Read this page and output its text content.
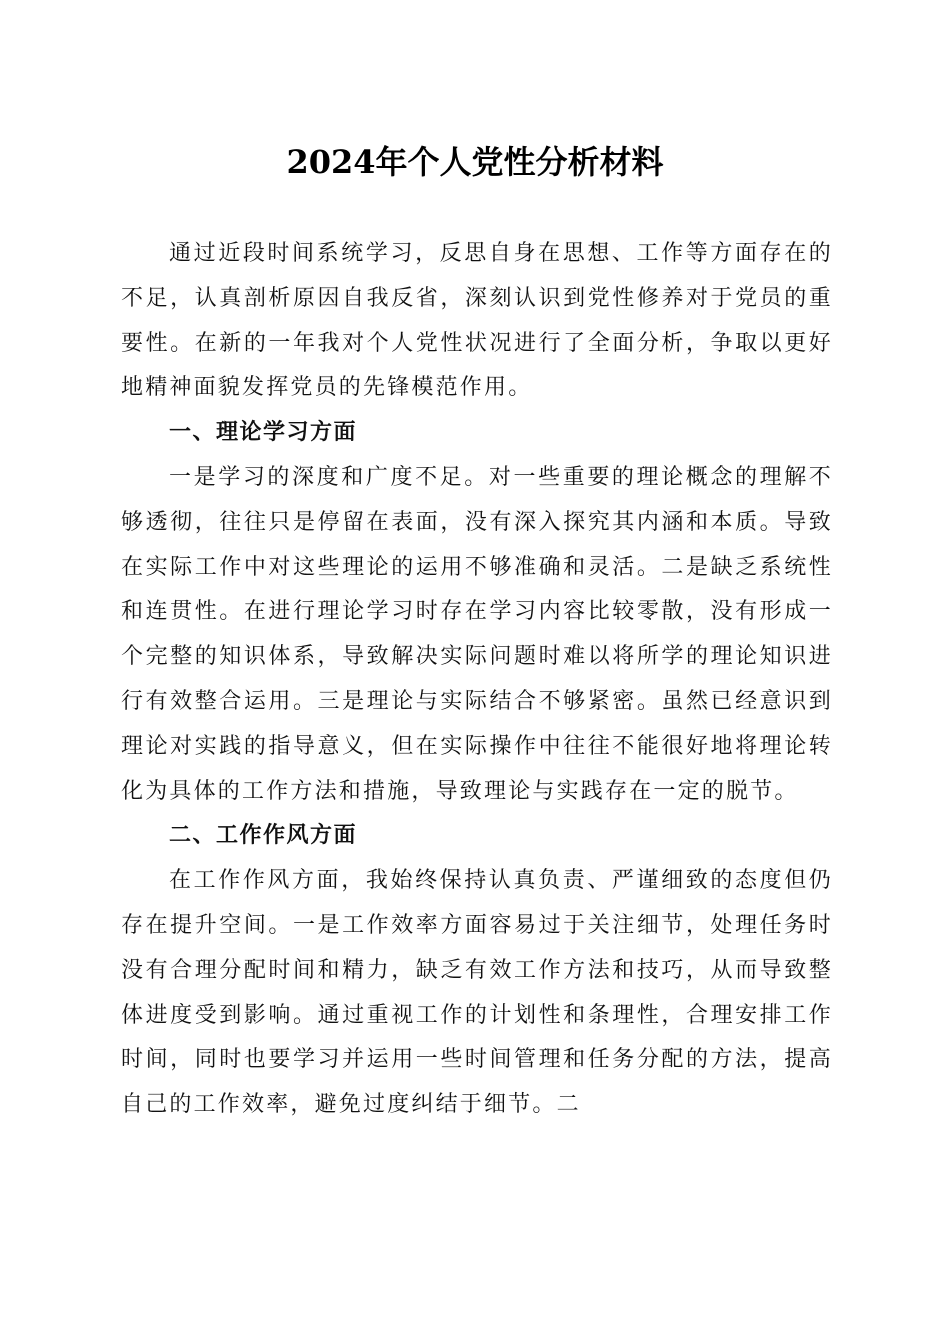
2024年个人党性分析材料

通过近段时间系统学习，反思自身在思想、工作等方面存在的不足，认真剖析原因自我反省，深刻认识到党性修养对于党员的重要性。在新的一年我对个人党性状况进行了全面分析，争取以更好地精神面貌发挥党员的先锋模范作用。

一、理论学习方面

一是学习的深度和广度不足。对一些重要的理论概念的理解不够透彻，往往只是停留在表面，没有深入探究其内涵和本质。导致在实际工作中对这些理论的运用不够准确和灵活。二是缺乏系统性和连贯性。在进行理论学习时存在学习内容比较零散，没有形成一个完整的知识体系，导致解决实际问题时难以将所学的理论知识进行有效整合运用。三是理论与实际结合不够紧密。虽然已经意识到理论对实践的指导意义，但在实际操作中往往不能很好地将理论转化为具体的工作方法和措施，导致理论与实践存在一定的脱节。

二、工作作风方面

在工作作风方面，我始终保持认真负责、严谨细致的态度但仍存在提升空间。一是工作效率方面容易过于关注细节，处理任务时没有合理分配时间和精力，缺乏有效工作方法和技巧，从而导致整体进度受到影响。通过重视工作的计划性和条理性，合理安排工作时间，同时也要学习并运用一些时间管理和任务分配的方法，提高自己的工作效率，避免过度纠结于细节。二
